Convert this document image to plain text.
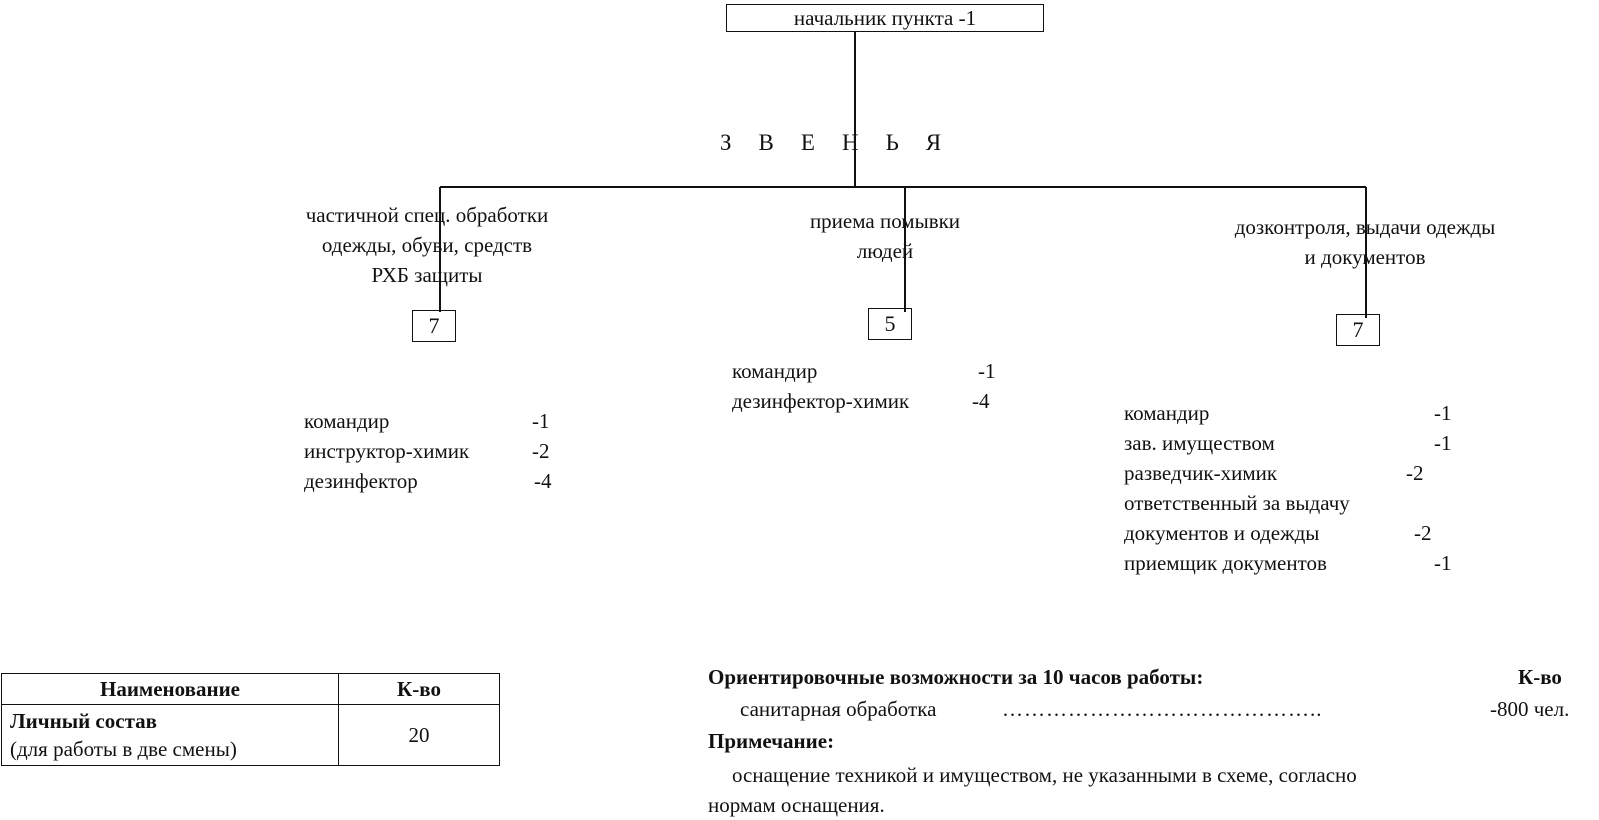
начальник пункта -1
З В Е Н Ь Я
частичной спец. обработки
одежды, обуви, средств
РХБ защиты
7
командир	-1
инструктор-химик	-2
дезинфектор	-4
приема помывки
людей
5
командир	-1
дезинфектор-химик	-4
дозконтроля, выдачи одежды
и документов
7
командир	-1
зав. имуществом	-1
разведчик-химик	-2
ответственный за выдачу
документов и одежды	-2
приемщик документов	-1
Наименование	К-во

Личный состав
(для работы в две смены)	20
Ориентировочные возможности за 10 часов работы:	К-во
санитарная обработка	……………………………………..	-800 чел.
Примечание:
оснащение техникой и имуществом, не указанными в схеме, согласно нормам оснащения.
